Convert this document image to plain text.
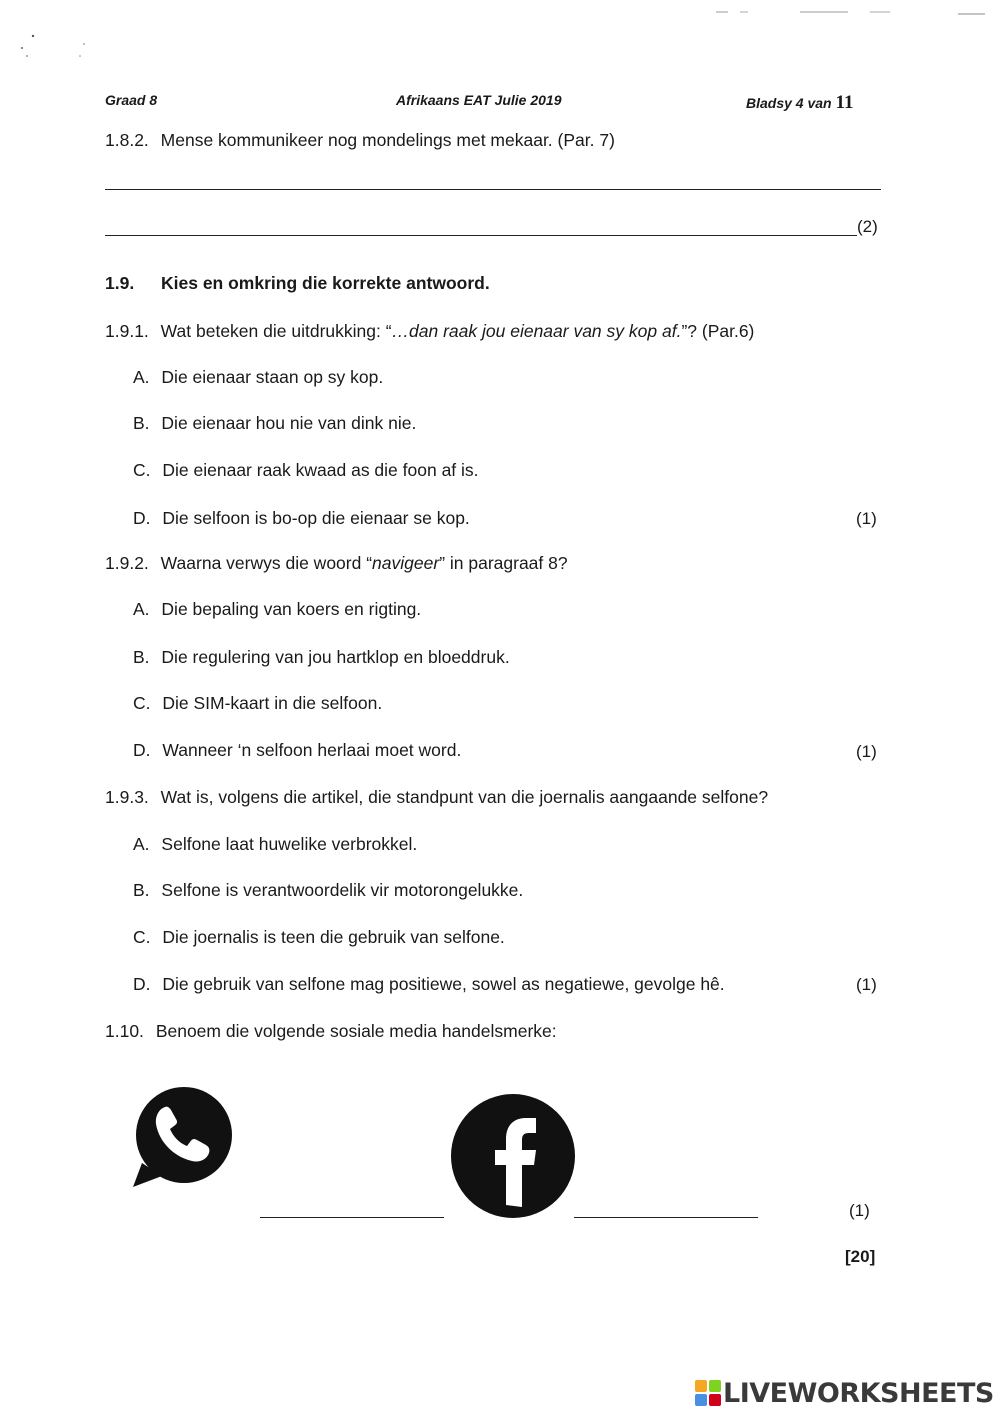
Graad 8	Afrikaans EAT Julie 2019	Bladsy 4 van 11
1.8.2. Mense kommunikeer nog mondelings met mekaar. (Par. 7)
(2)
1.9. Kies en omkring die korrekte antwoord.
1.9.1. Wat beteken die uitdrukking: “…dan raak jou eienaar van sy kop af.”? (Par.6)
A. Die eienaar staan op sy kop.
B. Die eienaar hou nie van dink nie.
C. Die eienaar raak kwaad as die foon af is.
D. Die selfoon is bo-op die eienaar se kop.	(1)
1.9.2. Waarna verwys die woord “navigeer” in paragraaf 8?
A. Die bepaling van koers en rigting.
B. Die regulering van jou hartklop en bloeddruk.
C. Die SIM-kaart in die selfoon.
D. Wanneer ‘n selfoon herlaai moet word.	(1)
1.9.3. Wat is, volgens die artikel, die standpunt van die joernalis aangaande selfone?
A. Selfone laat huwelike verbrokkel.
B. Selfone is verantwoordelik vir motorongelukke.
C. Die joernalis is teen die gebruik van selfone.
D. Die gebruik van selfone mag positiewe, sowel as negatiewe, gevolge hê.	(1)
1.10. Benoem die volgende sosiale media handelsmerke:
(1)
[20]
LIVEWORKSHEETS
